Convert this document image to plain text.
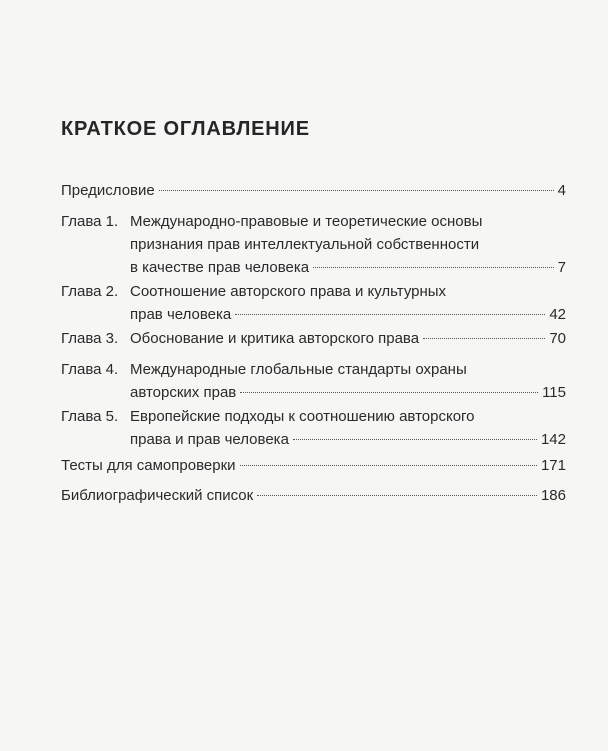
КРАТКОЕ ОГЛАВЛЕНИЕ
Предисловие	4
Глава 1. Международно-правовые и теоретические основы
признания прав интеллектуальной собственности
в качестве прав человека	7
Глава 2. Соотношение авторского права и культурных
прав человека	42
Глава 3. Обоснование и критика авторского права	70
Глава 4. Международные глобальные стандарты охраны
авторских прав	115
Глава 5. Европейские подходы к соотношению авторского
права и прав человека	142
Тесты для самопроверки	171
Библиографический список	186
